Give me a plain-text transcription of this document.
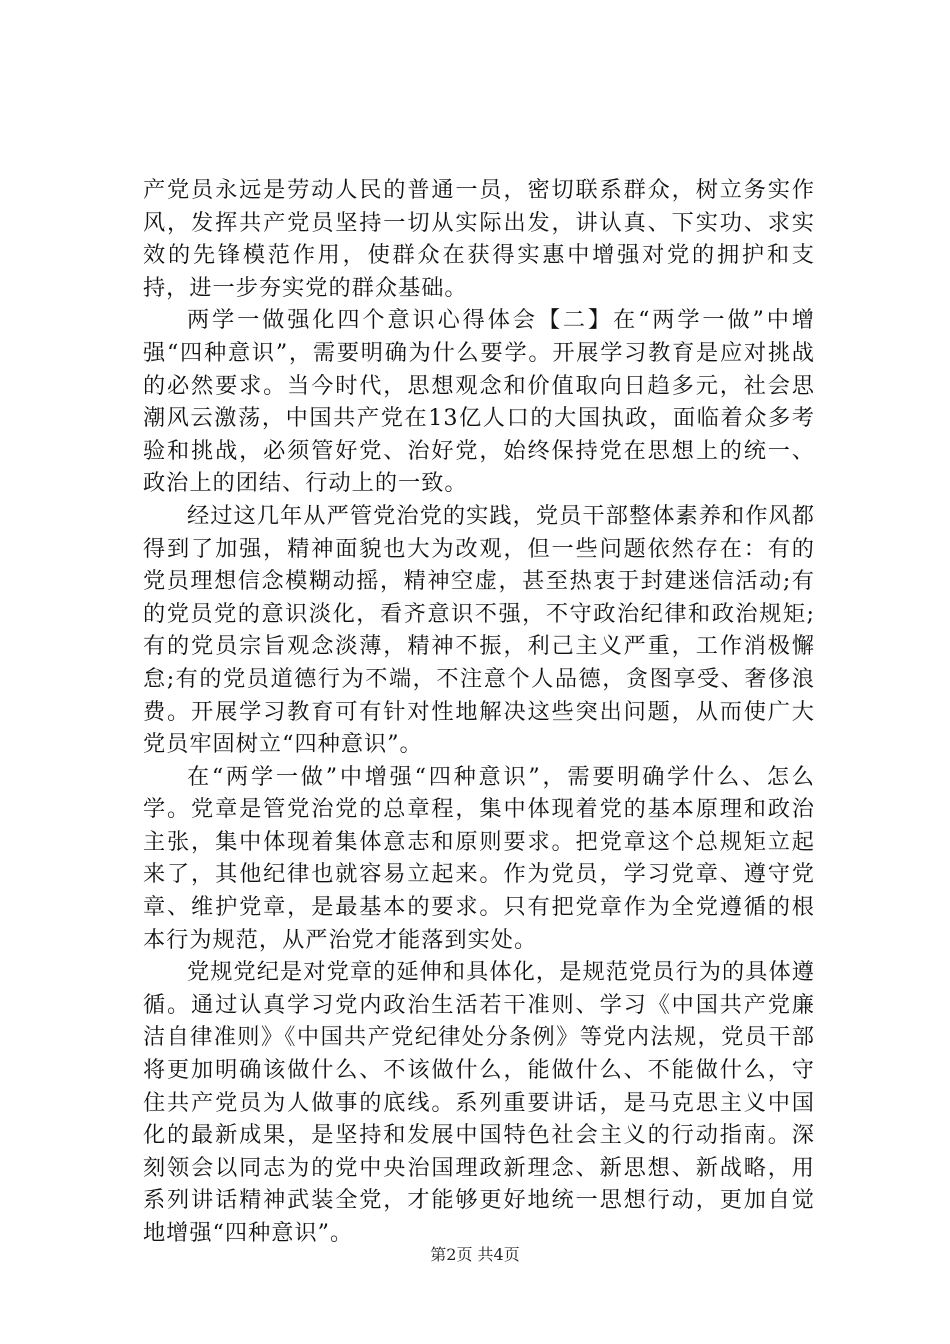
产党员永远是劳动人民的普通一员，密切联系群众，树立务实作风，发挥共产党员坚持一切从实际出发，讲认真、下实功、求实效的先锋模范作用，使群众在获得实惠中增强对党的拥护和支持，进一步夯实党的群众基础。

两学一做强化四个意识心得体会【二】在“两学一做”中增强“四种意识”，需要明确为什么要学。开展学习教育是应对挑战的必然要求。当今时代，思想观念和价值取向日趋多元，社会思潮风云激荡，中国共产党在13亿人口的大国执政，面临着众多考验和挑战，必须管好党、治好党，始终保持党在思想上的统一、政治上的团结、行动上的一致。

经过这几年从严管党治党的实践，党员干部整体素养和作风都得到了加强，精神面貌也大为改观，但一些问题依然存在：有的党员理想信念模糊动摇，精神空虚，甚至热衷于封建迷信活动;有的党员党的意识淡化，看齐意识不强，不守政治纪律和政治规矩;有的党员宗旨观念淡薄，精神不振，利己主义严重，工作消极懈怠;有的党员道德行为不端，不注意个人品德，贪图享受、奢侈浪费。开展学习教育可有针对性地解决这些突出问题，从而使广大党员牢固树立“四种意识”。

在“两学一做”中增强“四种意识”，需要明确学什么、怎么学。党章是管党治党的总章程，集中体现着党的基本原理和政治主张，集中体现着集体意志和原则要求。把党章这个总规矩立起来了，其他纪律也就容易立起来。作为党员，学习党章、遵守党章、维护党章，是最基本的要求。只有把党章作为全党遵循的根本行为规范，从严治党才能落到实处。

党规党纪是对党章的延伸和具体化，是规范党员行为的具体遵循。通过认真学习党内政治生活若干准则、学习《中国共产党廉洁自律准则》《中国共产党纪律处分条例》等党内法规，党员干部将更加明确该做什么、不该做什么，能做什么、不能做什么，守住共产党员为人做事的底线。系列重要讲话，是马克思主义中国化的最新成果，是坚持和发展中国特色社会主义的行动指南。深刻领会以同志为的党中央治国理政新理念、新思想、新战略，用系列讲话精神武装全党，才能够更好地统一思想行动，更加自觉地增强“四种意识”。

第2页 共4页
